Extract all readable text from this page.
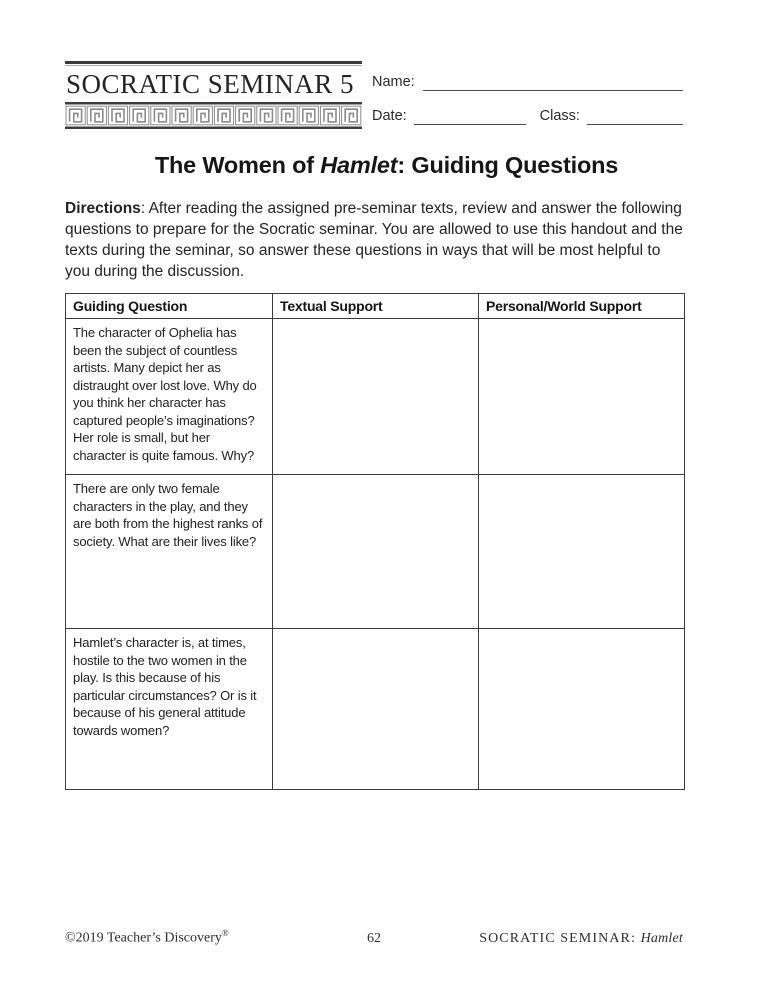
SOCRATIC SEMINAR 5	Name:
Date:	Class:
The Women of Hamlet: Guiding Questions
Directions: After reading the assigned pre-seminar texts, review and answer the following questions to prepare for the Socratic seminar. You are allowed to use this handout and the texts during the seminar, so answer these questions in ways that will be most helpful to you during the discussion.
Guiding Question	Textual Support	Personal/World Support
The character of Ophelia has been the subject of countless artists. Many depict her as distraught over lost love. Why do you think her character has captured people’s imaginations? Her role is small, but her character is quite famous. Why?		
There are only two female characters in the play, and they are both from the highest ranks of society. What are their lives like?		
Hamlet’s character is, at times, hostile to the two women in the play. Is this because of his particular circumstances? Or is it because of his general attitude towards women?		
©2019 Teacher’s Discovery®	62	SOCRATIC SEMINAR: Hamlet
